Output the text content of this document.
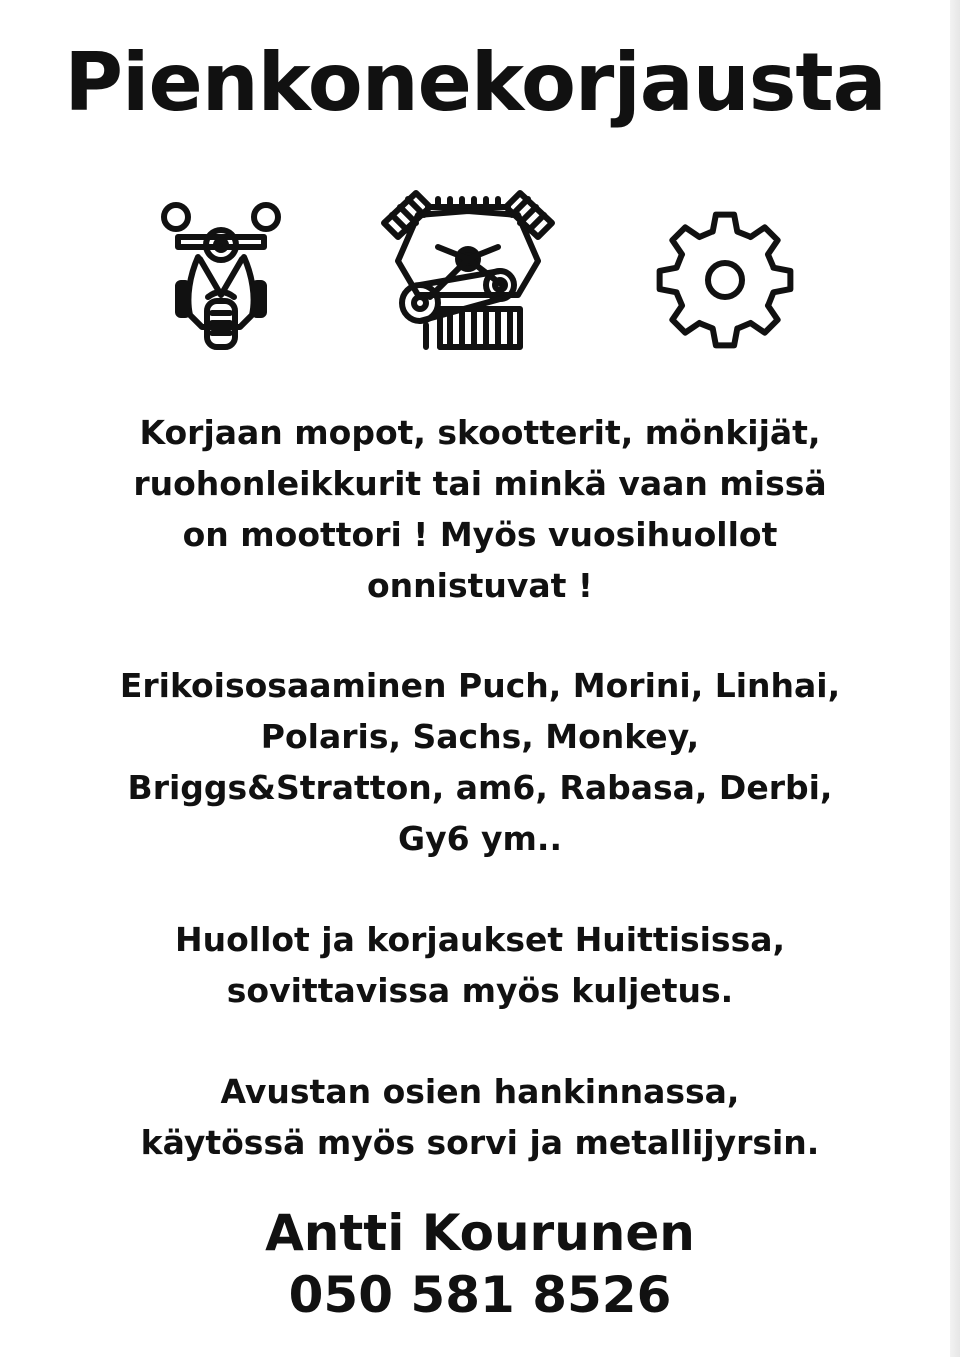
Pienkonekorjausta

Korjaan mopot, skootterit, mönkijät,
ruohonleikkurit tai minkä vaan missä
on moottori ! Myös vuosihuollot
onnistuvat !

Erikoisosaaminen Puch, Morini, Linhai,
Polaris, Sachs, Monkey,
Briggs&Stratton, am6, Rabasa, Derbi,
Gy6 ym..

Huollot ja korjaukset Huittisissa,
sovittavissa myös kuljetus.

Avustan osien hankinnassa,
käytössä myös sorvi ja metallijyrsin.

Antti Kourunen
050 581 8526
